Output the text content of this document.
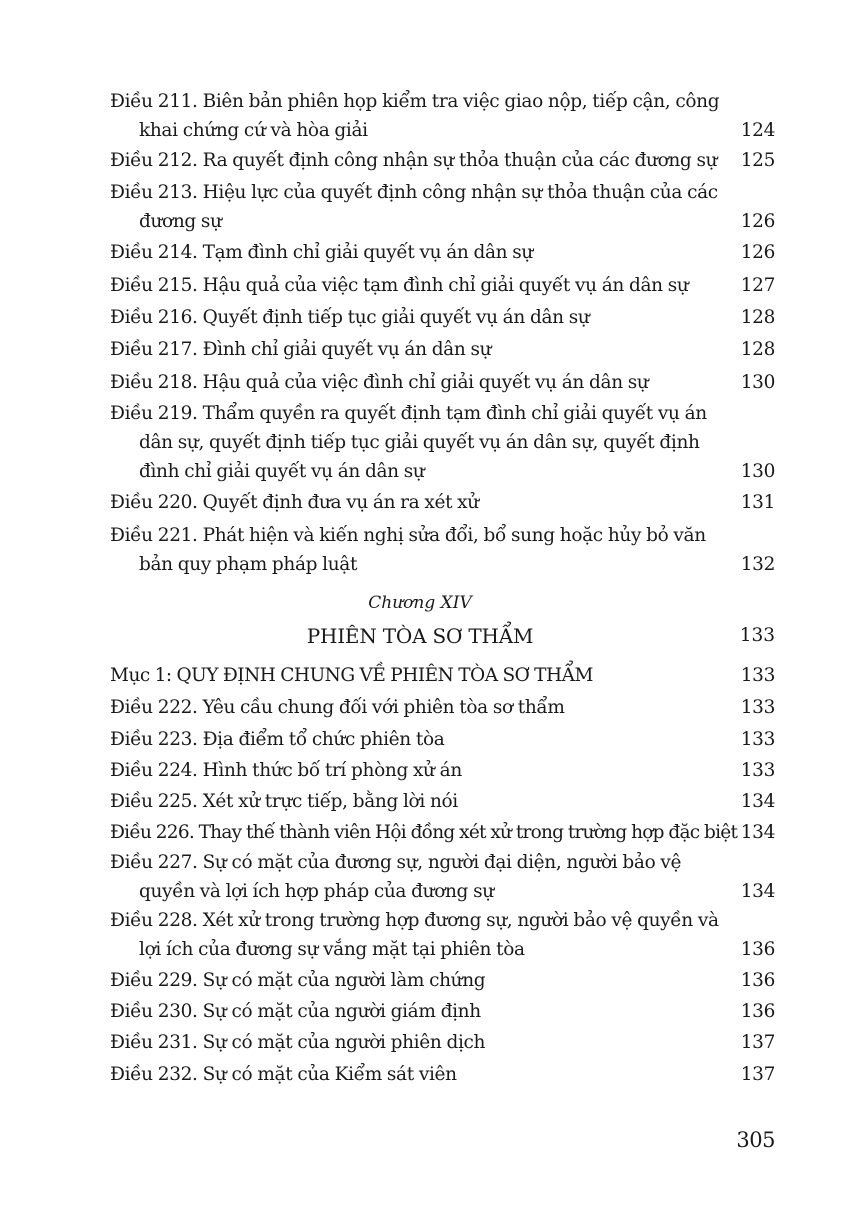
Điều 211. Biên bản phiên họp kiểm tra việc giao nộp, tiếp cận, công khai chứng cứ và hòa giải	124
Điều 212. Ra quyết định công nhận sự thỏa thuận của các đương sự	125
Điều 213. Hiệu lực của quyết định công nhận sự thỏa thuận của các đương sự	126
Điều 214. Tạm đình chỉ giải quyết vụ án dân sự	126
Điều 215. Hậu quả của việc tạm đình chỉ giải quyết vụ án dân sự	127
Điều 216. Quyết định tiếp tục giải quyết vụ án dân sự	128
Điều 217. Đình chỉ giải quyết vụ án dân sự	128
Điều 218. Hậu quả của việc đình chỉ giải quyết vụ án dân sự	130
Điều 219. Thẩm quyền ra quyết định tạm đình chỉ giải quyết vụ án dân sự, quyết định tiếp tục giải quyết vụ án dân sự, quyết định đình chỉ giải quyết vụ án dân sự	130
Điều 220. Quyết định đưa vụ án ra xét xử	131
Điều 221. Phát hiện và kiến nghị sửa đổi, bổ sung hoặc hủy bỏ văn bản quy phạm pháp luật	132
Chương XIV
PHIÊN TÒA SƠ THẨM	133
Mục 1: QUY ĐỊNH CHUNG VỀ PHIÊN TÒA SƠ THẨM	133
Điều 222. Yêu cầu chung đối với phiên tòa sơ thẩm	133
Điều 223. Địa điểm tổ chức phiên tòa	133
Điều 224. Hình thức bố trí phòng xử án	133
Điều 225. Xét xử trực tiếp, bằng lời nói	134
Điều 226. Thay thế thành viên Hội đồng xét xử trong trường hợp đặc biệt 134
Điều 227. Sự có mặt của đương sự, người đại diện, người bảo vệ quyền và lợi ích hợp pháp của đương sự	134
Điều 228. Xét xử trong trường hợp đương sự, người bảo vệ quyền và lợi ích của đương sự vắng mặt tại phiên tòa	136
Điều 229. Sự có mặt của người làm chứng	136
Điều 230. Sự có mặt của người giám định	136
Điều 231. Sự có mặt của người phiên dịch	137
Điều 232. Sự có mặt của Kiểm sát viên	137
305
